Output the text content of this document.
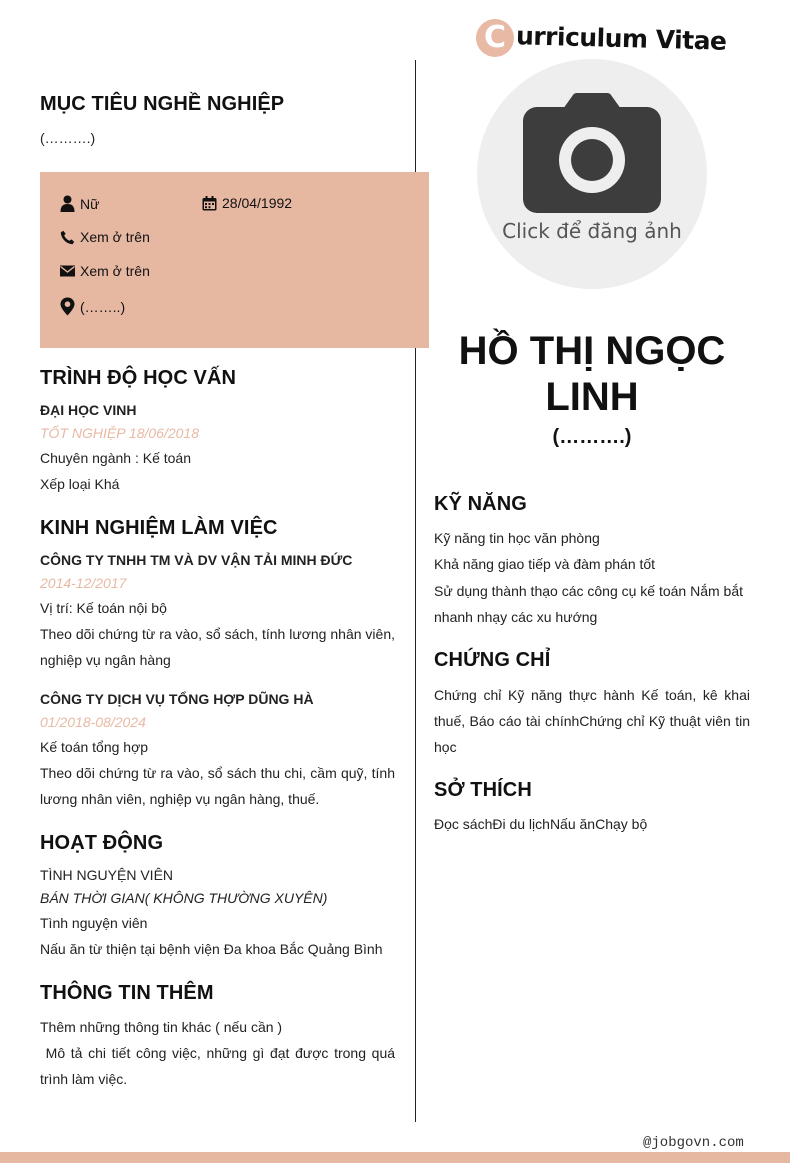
C urriculum Vitae
MỤC TIÊU NGHỀ NGHIỆP
(……….)
Nữ	28/04/1992
Xem ở trên
Xem ở trên
(……..)
TRÌNH ĐỘ HỌC VẤN
ĐẠI HỌC VINH
TỐT NGHIỆP 18/06/2018
Chuyên ngành : Kế toán
Xếp loại Khá
KINH NGHIỆM LÀM VIỆC
CÔNG TY TNHH TM VÀ DV VẬN TẢI MINH ĐỨC
2014-12/2017
Vị trí: Kế toán nội bộ
Theo dõi chứng từ ra vào, sổ sách, tính lương nhân viên, nghiệp vụ ngân hàng
CÔNG TY DỊCH VỤ TỔNG HỢP DŨNG HÀ
01/2018-08/2024
Kế toán tổng hợp
Theo dõi chứng từ ra vào, sổ sách thu chi, cầm quỹ, tính lương nhân viên, nghiệp vụ ngân hàng, thuế.
HOẠT ĐỘNG
TÌNH NGUYỆN VIÊN
BÁN THỜI GIAN( KHÔNG THƯỜNG XUYÊN)
Tình nguyện viên
Nấu ăn từ thiện tại bệnh viện Đa khoa Bắc Quảng Bình
THÔNG TIN THÊM
Thêm những thông tin khác ( nếu cần )
Mô tả chi tiết công việc, những gì đạt được trong quá trình làm việc.
Click để đăng ảnh
HỒ THỊ NGỌC LINH
(……….)
KỸ NĂNG
Kỹ năng tin học văn phòng
Khả năng giao tiếp và đàm phán tốt
Sử dụng thành thạo các công cụ kế toán Nắm bắt nhanh nhạy các xu hướng
CHỨNG CHỈ
Chứng chỉ Kỹ năng thực hành Kế toán, kê khai thuế, Báo cáo tài chínhChứng chỉ Kỹ thuật viên tin học
SỞ THÍCH
Đọc sáchĐi du lịchNấu ănChạy bộ
@jobgovn.com
